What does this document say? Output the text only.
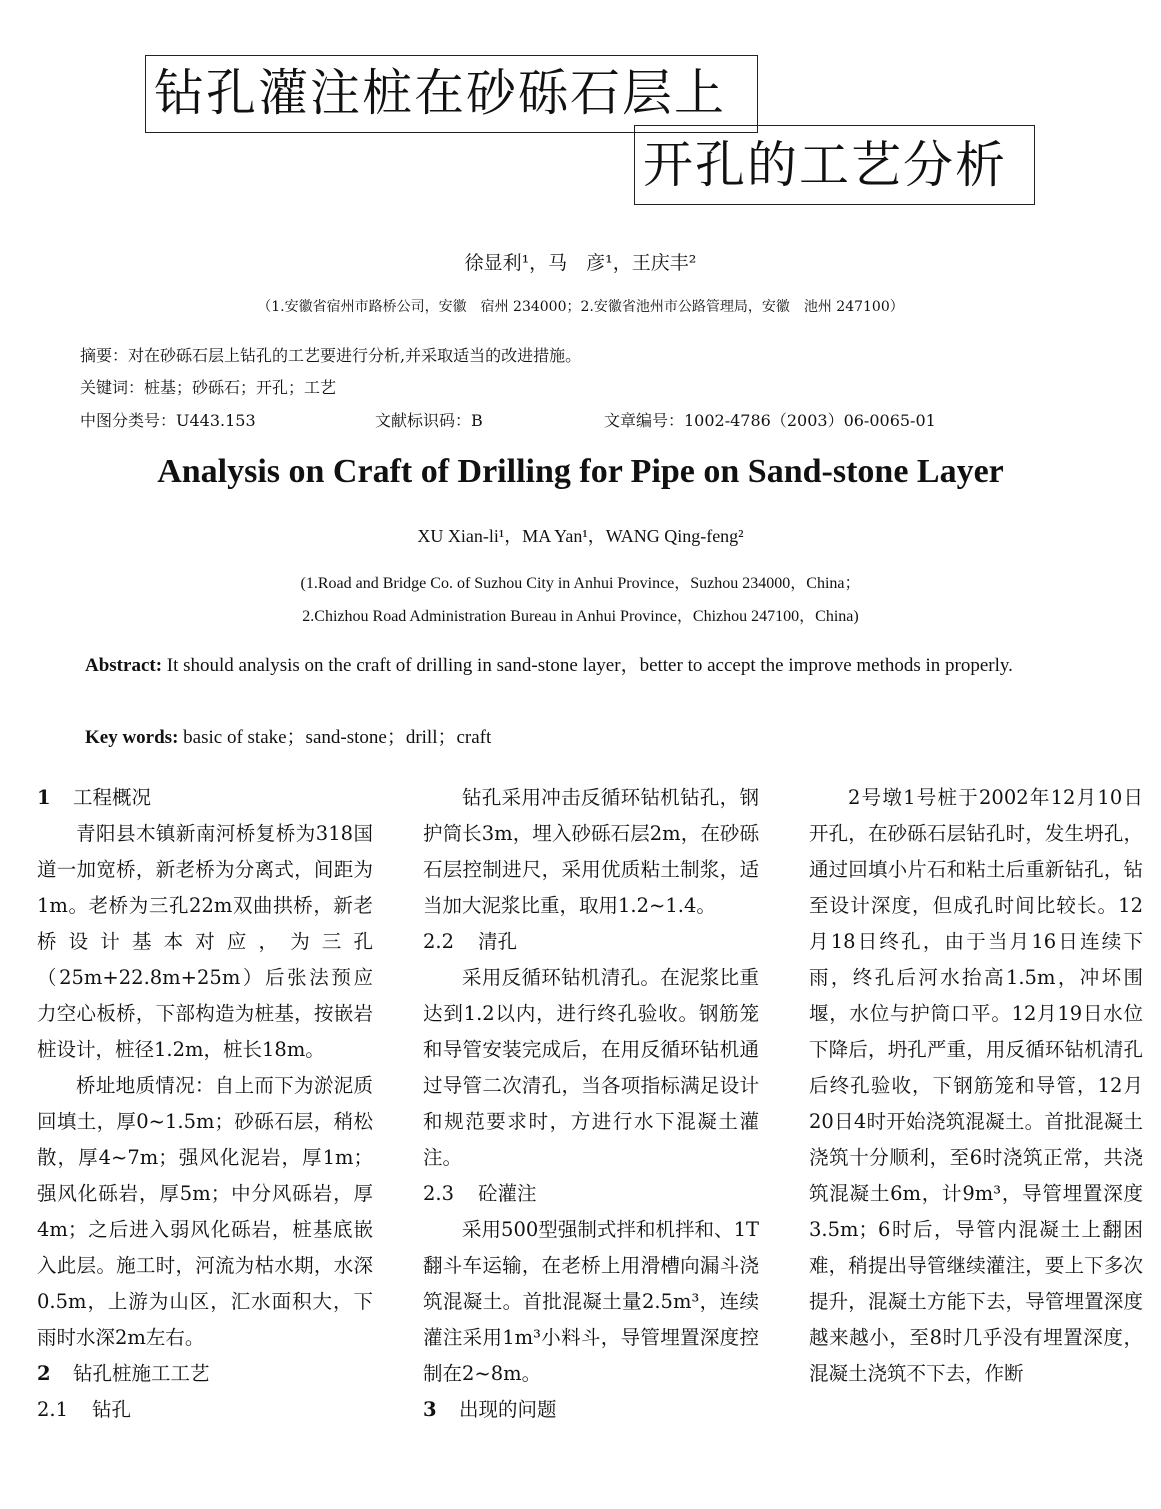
钻孔灌注桩在砂砾石层上
开孔的工艺分析
徐显利¹，马　彦¹，王庆丰²
（1.安徽省宿州市路桥公司，安徽　宿州 234000；2.安徽省池州市公路管理局，安徽　池州 247100）
摘要：对在砂砾石层上钻孔的工艺要进行分析,并采取适当的改进措施。
关键词：桩基；砂砾石；开孔；工艺
中图分类号：U443.153	文献标识码：B	文章编号：1002-4786（2003）06-0065-01
Analysis on Craft of Drilling for Pipe on Sand-stone Layer
XU Xian-li¹，MA Yan¹，WANG Qing-feng²
(1.Road and Bridge Co. of Suzhou City in Anhui Province，Suzhou 234000，China；
2.Chizhou Road Administration Bureau in Anhui Province，Chizhou 247100，China)
Abstract: It should analysis on the craft of drilling in sand-stone layer，better to accept the improve methods in properly.
Key words: basic of stake；sand-stone；drill；craft
1 工程概况

青阳县木镇新南河桥复桥为318国道一加宽桥，新老桥为分离式，间距为1m。老桥为三孔22m双曲拱桥，新老桥设计基本对应，为三孔（25m+22.8m+25m）后张法预应力空心板桥，下部构造为桩基，按嵌岩桩设计，桩径1.2m，桩长18m。

桥址地质情况：自上而下为淤泥质回填土，厚0~1.5m；砂砾石层，稍松散，厚4~7m；强风化泥岩，厚1m；强风化砾岩，厚5m；中分风砾岩，厚4m；之后进入弱风化砾岩，桩基底嵌入此层。施工时，河流为枯水期，水深0.5m，上游为山区，汇水面积大，下雨时水深2m左右。

2 钻孔桩施工工艺
2.1 钻孔

钻孔采用冲击反循环钻机钻孔，钢护筒长3m，埋入砂砾石层2m，在砂砾石层控制进尺，采用优质粘土制浆，适当加大泥浆比重，取用1.2~1.4。

2.2 清孔

采用反循环钻机清孔。在泥浆比重达到1.2以内，进行终孔验收。钢筋笼和导管安装完成后，在用反循环钻机通过导管二次清孔，当各项指标满足设计和规范要求时，方进行水下混凝土灌注。

2.3 砼灌注

采用500型强制式拌和机拌和、1T翻斗车运输，在老桥上用滑槽向漏斗浇筑混凝土。首批混凝土量2.5m³，连续灌注采用1m³小料斗，导管埋置深度控制在2~8m。

3 出现的问题

2号墩1号桩于2002年12月10日开孔，在砂砾石层钻孔时，发生坍孔，通过回填小片石和粘土后重新钻孔，钻至设计深度，但成孔时间比较长。12月18日终孔，由于当月16日连续下雨，终孔后河水抬高1.5m，冲坏围堰，水位与护筒口平。12月19日水位下降后，坍孔严重，用反循环钻机清孔后终孔验收，下钢筋笼和导管，12月20日4时开始浇筑混凝土。首批混凝土浇筑十分顺利，至6时浇筑正常，共浇筑混凝土6m，计9m³，导管埋置深度3.5m；6时后，导管内混凝土上翻困难，稍提出导管继续灌注，要上下多次提升，混凝土方能下去，导管埋置深度越来越小，至8时几乎没有埋置深度，混凝土浇筑不下去，作断
